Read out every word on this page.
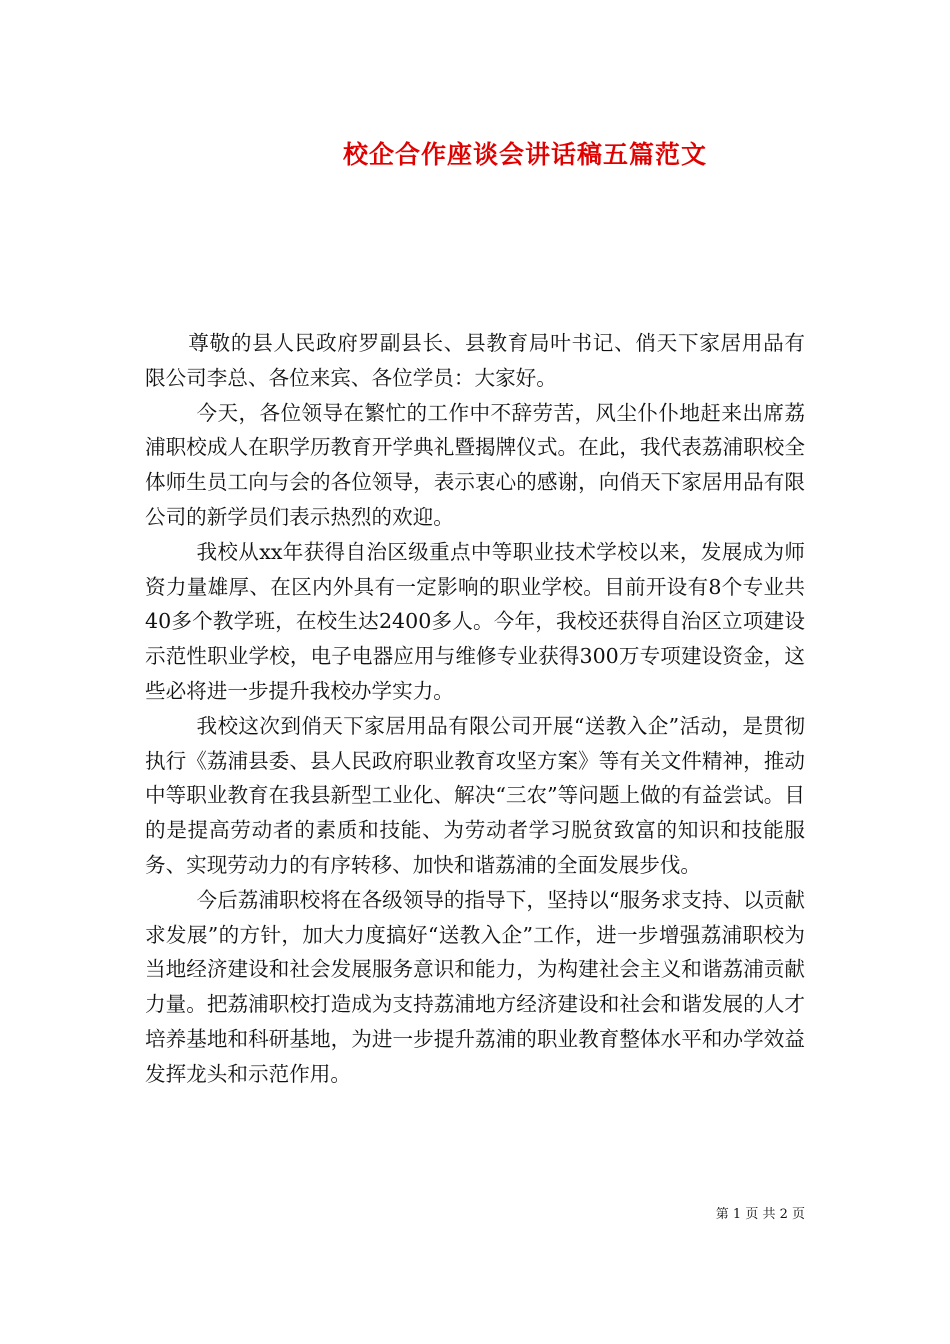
校企合作座谈会讲话稿五篇范文

尊敬的县人民政府罗副县长、县教育局叶书记、俏天下家居用品有限公司李总、各位来宾、各位学员：大家好。

今天，各位领导在繁忙的工作中不辞劳苦，风尘仆仆地赶来出席荔浦职校成人在职学历教育开学典礼暨揭牌仪式。在此，我代表荔浦职校全体师生员工向与会的各位领导，表示衷心的感谢，向俏天下家居用品有限公司的新学员们表示热烈的欢迎。

我校从xx年获得自治区级重点中等职业技术学校以来，发展成为师资力量雄厚、在区内外具有一定影响的职业学校。目前开设有8个专业共40多个教学班，在校生达2400多人。今年，我校还获得自治区立项建设示范性职业学校，电子电器应用与维修专业获得300万专项建设资金，这些必将进一步提升我校办学实力。

我校这次到俏天下家居用品有限公司开展“送教入企”活动，是贯彻执行《荔浦县委、县人民政府职业教育攻坚方案》等有关文件精神，推动中等职业教育在我县新型工业化、解决“三农”等问题上做的有益尝试。目的是提高劳动者的素质和技能、为劳动者学习脱贫致富的知识和技能服务、实现劳动力的有序转移、加快和谐荔浦的全面发展步伐。

今后荔浦职校将在各级领导的指导下，坚持以“服务求支持、以贡献求发展”的方针，加大力度搞好“送教入企”工作，进一步增强荔浦职校为当地经济建设和社会发展服务意识和能力，为构建社会主义和谐荔浦贡献力量。把荔浦职校打造成为支持荔浦地方经济建设和社会和谐发展的人才培养基地和科研基地，为进一步提升荔浦的职业教育整体水平和办学效益发挥龙头和示范作用。

第 1 页 共 2 页
